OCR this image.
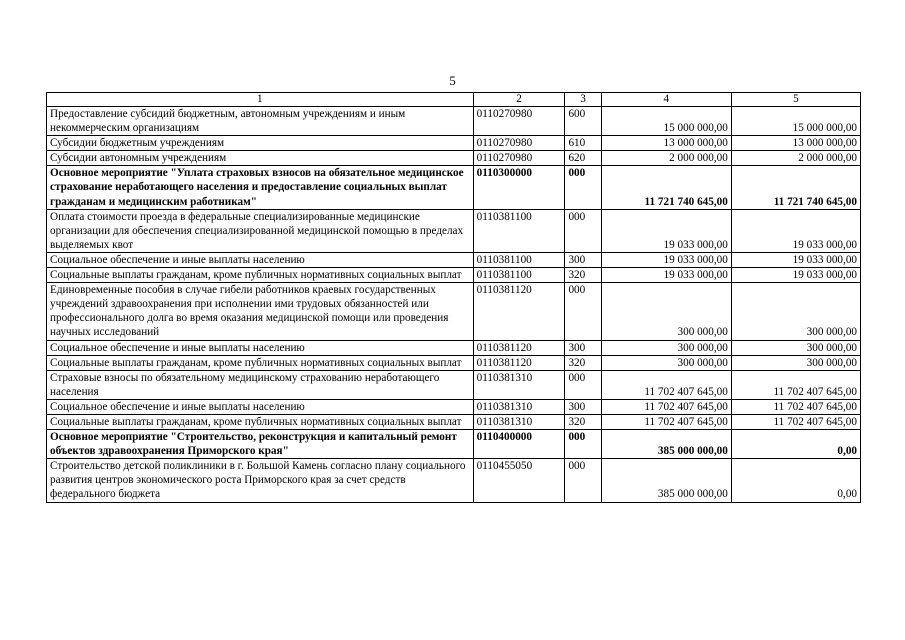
5
1	2	3	4	5
Предоставление субсидий бюджетным, автономным учреждениям и иным некоммерческим организациям	0110270980	600	15 000 000,00	15 000 000,00
Субсидии бюджетным учреждениям	0110270980	610	13 000 000,00	13 000 000,00
Субсидии автономным учреждениям	0110270980	620	2 000 000,00	2 000 000,00
Основное мероприятие "Уплата страховых взносов на обязательное медицинское страхование неработающего населения и предоставление социальных выплат гражданам и медицинским работникам"	0110300000	000	11 721 740 645,00	11 721 740 645,00
Оплата стоимости проезда в федеральные специализированные медицинские организации для обеспечения специализированной медицинской помощью в пределах выделяемых квот	0110381100	000	19 033 000,00	19 033 000,00
Социальное обеспечение и иные выплаты населению	0110381100	300	19 033 000,00	19 033 000,00
Социальные выплаты гражданам, кроме публичных нормативных социальных выплат	0110381100	320	19 033 000,00	19 033 000,00
Единовременные пособия в случае гибели работников краевых государственных учреждений здравоохранения при исполнении ими трудовых обязанностей или профессионального долга во время оказания медицинской помощи или проведения научных исследований	0110381120	000	300 000,00	300 000,00
Социальное обеспечение и иные выплаты населению	0110381120	300	300 000,00	300 000,00
Социальные выплаты гражданам, кроме публичных нормативных социальных выплат	0110381120	320	300 000,00	300 000,00
Страховые взносы по обязательному медицинскому страхованию неработающего населения	0110381310	000	11 702 407 645,00	11 702 407 645,00
Социальное обеспечение и иные выплаты населению	0110381310	300	11 702 407 645,00	11 702 407 645,00
Социальные выплаты гражданам, кроме публичных нормативных социальных выплат	0110381310	320	11 702 407 645,00	11 702 407 645,00
Основное мероприятие "Строительство, реконструкция и капитальный ремонт объектов здравоохранения Приморского края"	0110400000	000	385 000 000,00	0,00
Строительство детской поликлиники в г. Большой Камень согласно плану социального развития центров экономического роста Приморского края за счет средств федерального бюджета	0110455050	000	385 000 000,00	0,00
